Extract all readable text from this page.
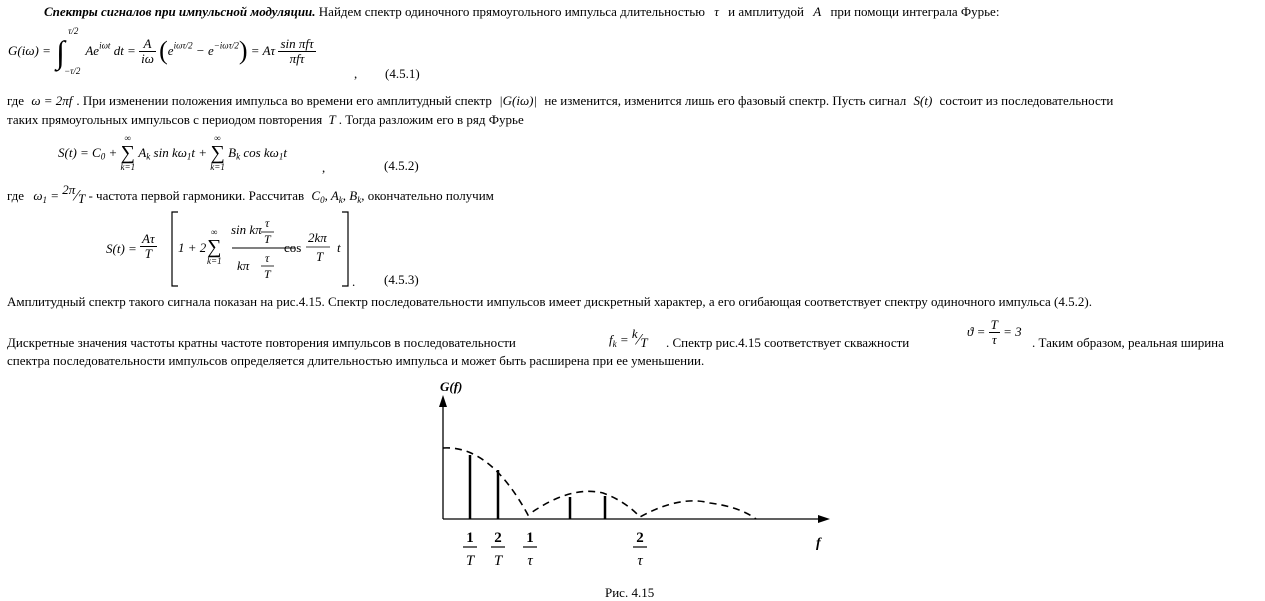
Спектры сигналов при импульсной модуляции. Найдем спектр одиночного прямоугольного импульса длительностью τ и амплитудой A при помощи интеграла Фурье:
G(iω) = ∫
τ/2
−τ/2
$Ae^{i\omega t}$ dt = $\frac{A}{i\omega} (e^{i\omega\tau/2} - e^{-i\omega\tau/2}) = A\tau \frac{\text{sin πfτ}}{\text{πfτ}}$
, (4.5.1)
где ω = 2πf . При изменении положения импульса во времени его амплитудный спектр |G(iω)| не изменится, изменится лишь его фазовый спектр. Пусть сигнал S(t) состоит из последовательности
таких прямоугольных импульсов с периодом повторения T . Тогда разложим его в ряд Фурье
$S(t) = C_0$ +
∞
∑
k=1
$A_k$ $\sin k\omega_1t$ +
∞
∑
k=1
$B_k$ $\cos k\omega_1t$
,	(4.5.2)
где $\omega_1$ = 2π⁄T - частота первой гармоники. Рассчитав $C_0$, $A_k$, $B_k$, окончательно получим
$S(t) = \frac{A\tau}{T} 1 + 2$
∞
∑
k=1
sin kπ τ
T
kπ τ
T
cos
2kπ
T
t
. (4.5.3)
Амплитудный спектр такого сигнала показан на рис.4.15. Спектр последовательности импульсов имеет дискретный характер, а его огибающая соответствует спектру одиночного импульса (4.5.2).
Дискретные значения частоты кратны частоте повторения импульсов в последовательности	$f_k$ = k⁄T . Спектр рис.4.15 соответствует скважности
$ϑ = \frac{T}{\tau} = 3$
. Таким образом, реальная ширина
спектра последовательности импульсов определяется длительностью импульса и может быть расширена при ее уменьшении.
G(f)
f
1
T
2
T
1
τ
2
τ
Рис. 4.15
